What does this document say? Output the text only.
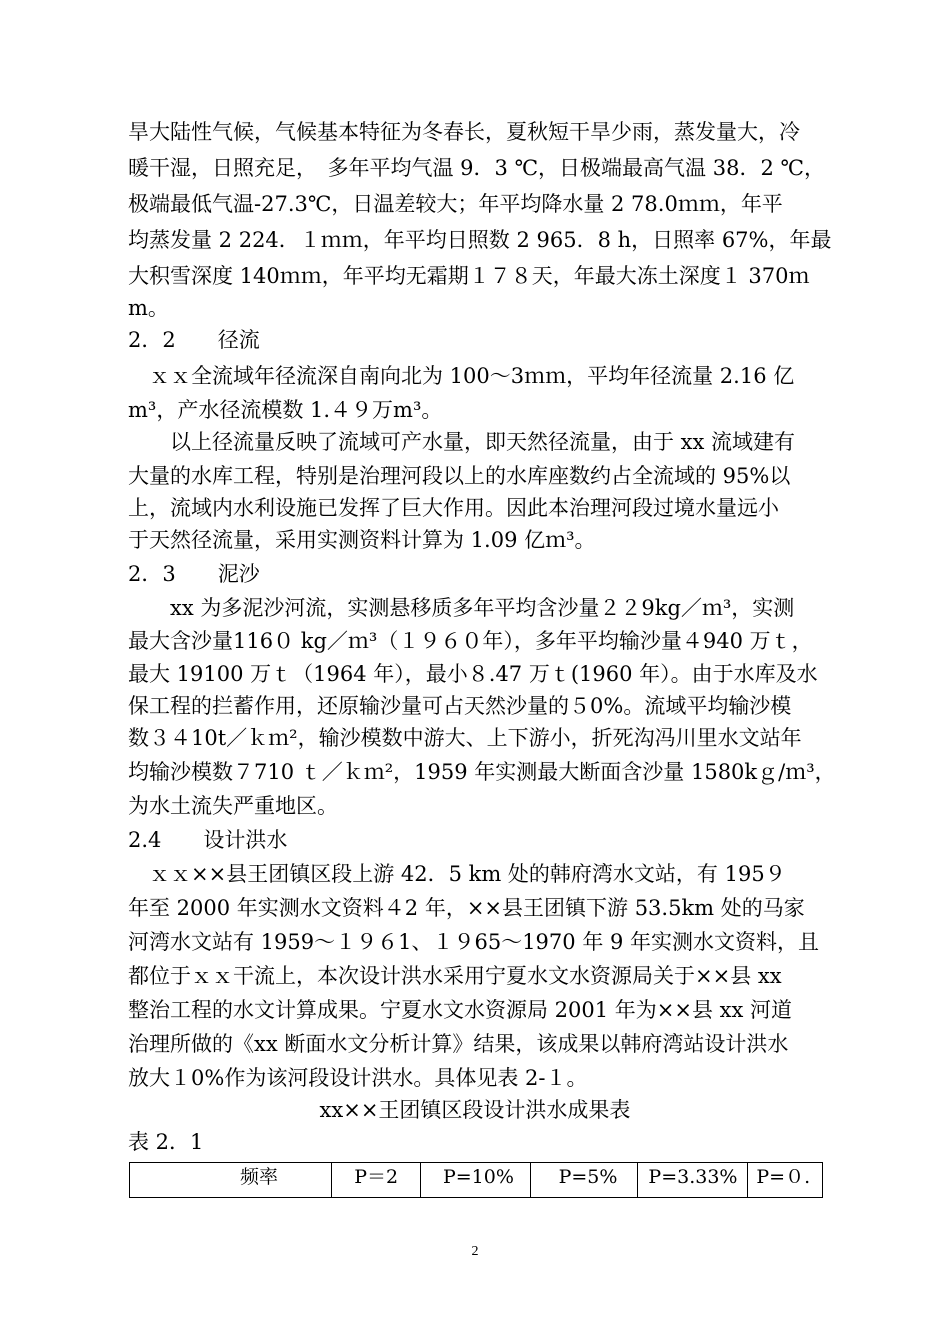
旱大陆性气候，气候基本特征为冬春长，夏秋短干旱少雨，蒸发量大，冷
暖干湿，日照充足，　多年平均气温 9．3 ℃，日极端最高气温 38．2 ℃，
极端最低气温-27.3℃，日温差较大；年平均降水量 2 78.0ｍｍ，年平
均蒸发量 2 224．１ｍｍ，年平均日照数 2 965．8 h，日照率 67%，年最
大积雪深度 140ｍｍ，年平均无霜期１７８天，年最大冻土深度１ 370ｍ
m。
2．2　　径流
　ｘｘ全流域年径流深自南向北为 100～3ｍｍ，平均年径流量 2.16 亿
m³，产水径流模数 1.４９万m³。
　　以上径流量反映了流域可产水量，即天然径流量，由于 xx 流域建有
大量的水库工程，特别是治理河段以上的水库座数约占全流域的 95%以
上，流域内水利设施已发挥了巨大作用。因此本治理河段过境水量远小
于天然径流量，采用实测资料计算为 1.09 亿ｍ³。
2．3　　泥沙
　　xx 为多泥沙河流，实测悬移质多年平均含沙量２２9kg／ｍ³，实测
最大含沙量116０ kg／ｍ³（１９６０年），多年平均输沙量４940 万ｔ，
最大 19100 万ｔ（1964 年），最小８.47 万ｔ(1960 年）。由于水库及水
保工程的拦蓄作用，还原输沙量可占天然沙量的５0%。流域平均输沙模
数３４10t／ｋｍ²，输沙模数中游大、上下游小，折死沟冯川里水文站年
均输沙模数７710 ｔ／ｋｍ²，1959 年实测最大断面含沙量 1580kｇ/ｍ³，
为水土流失严重地区。
2.4　　设计洪水
　ｘｘ××县王团镇区段上游 42．5 km 处的韩府湾水文站，有 195９
年至 2000 年实测水文资料４2 年，××县王团镇下游 53.5km 处的马家
河湾水文站有 1959～１９６1、１９65～1970 年 9 年实测水文资料，且
都位于ｘｘ干流上，本次设计洪水采用宁夏水文水资源局关于××县 xx
整治工程的水文计算成果。宁夏水文水资源局 2001 年为××县 xx 河道
治理所做的《xx 断面水文分析计算》结果，该成果以韩府湾站设计洪水
放大１0%作为该河段设计洪水。具体见表 2-１。
xx××王团镇区段设计洪水成果表
表 2．1
频率	P＝2	P=10%	P=5%	P=3.33%	P=０.
2
